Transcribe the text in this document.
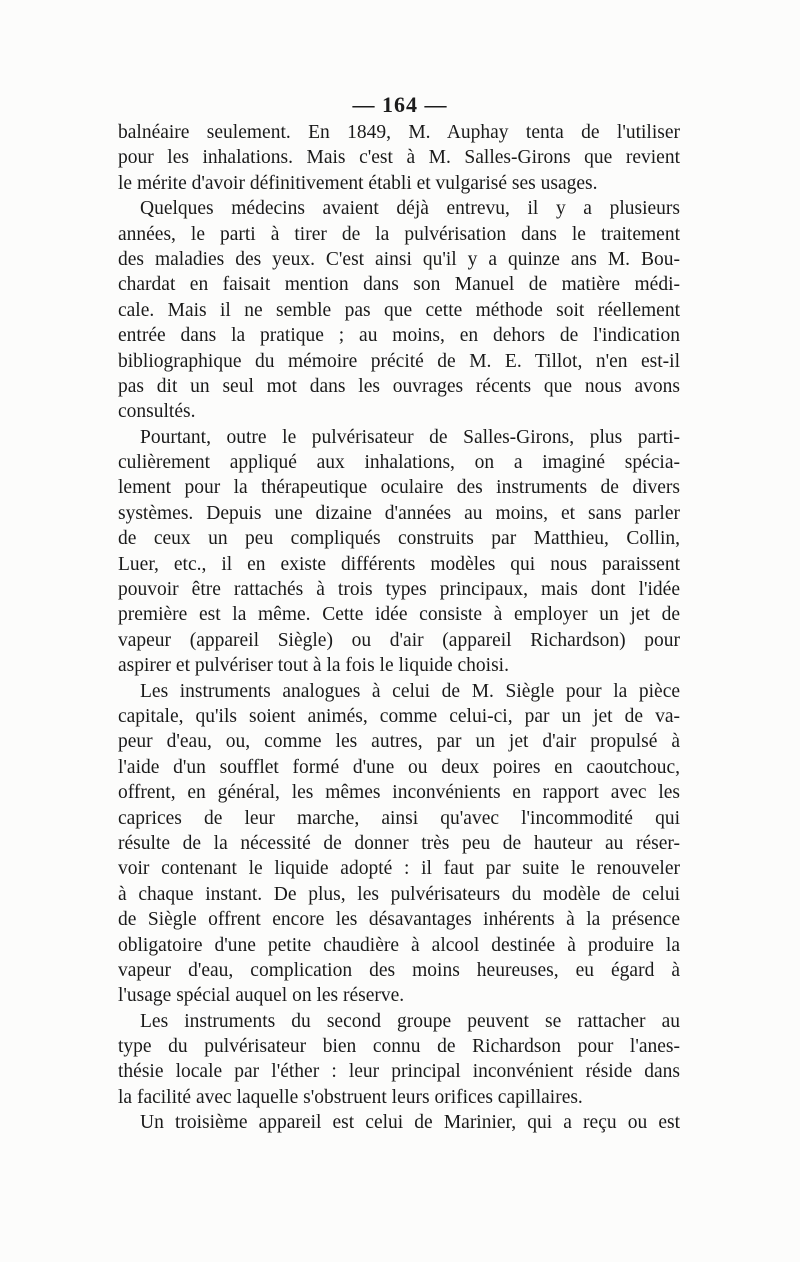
— 164 —
balnéaire seulement. En 1849, M. Auphay tenta de l'utiliser
pour les inhalations. Mais c'est à M. Salles-Girons que revient
le mérite d'avoir définitivement établi et vulgarisé ses usages.
Quelques médecins avaient déjà entrevu, il y a plusieurs
années, le parti à tirer de la pulvérisation dans le traitement
des maladies des yeux. C'est ainsi qu'il y a quinze ans M. Bou-
chardat en faisait mention dans son Manuel de matière médi-
cale. Mais il ne semble pas que cette méthode soit réellement
entrée dans la pratique ; au moins, en dehors de l'indication
bibliographique du mémoire précité de M. E. Tillot, n'en est-il
pas dit un seul mot dans les ouvrages récents que nous avons
consultés.
Pourtant, outre le pulvérisateur de Salles-Girons, plus parti-
culièrement appliqué aux inhalations, on a imaginé spécia-
lement pour la thérapeutique oculaire des instruments de divers
systèmes. Depuis une dizaine d'années au moins, et sans parler
de ceux un peu compliqués construits par Matthieu, Collin,
Luer, etc., il en existe différents modèles qui nous paraissent
pouvoir être rattachés à trois types principaux, mais dont l'idée
première est la même. Cette idée consiste à employer un jet de
vapeur (appareil Siègle) ou d'air (appareil Richardson) pour
aspirer et pulvériser tout à la fois le liquide choisi.
Les instruments analogues à celui de M. Siègle pour la pièce
capitale, qu'ils soient animés, comme celui-ci, par un jet de va-
peur d'eau, ou, comme les autres, par un jet d'air propulsé à
l'aide d'un soufflet formé d'une ou deux poires en caoutchouc,
offrent, en général, les mêmes inconvénients en rapport avec les
caprices de leur marche, ainsi qu'avec l'incommodité qui
résulte de la nécessité de donner très peu de hauteur au réser-
voir contenant le liquide adopté : il faut par suite le renouveler
à chaque instant. De plus, les pulvérisateurs du modèle de celui
de Siègle offrent encore les désavantages inhérents à la présence
obligatoire d'une petite chaudière à alcool destinée à produire la
vapeur d'eau, complication des moins heureuses, eu égard à
l'usage spécial auquel on les réserve.
Les instruments du second groupe peuvent se rattacher au
type du pulvérisateur bien connu de Richardson pour l'anes-
thésie locale par l'éther : leur principal inconvénient réside dans
la facilité avec laquelle s'obstruent leurs orifices capillaires.
Un troisième appareil est celui de Marinier, qui a reçu ou est
